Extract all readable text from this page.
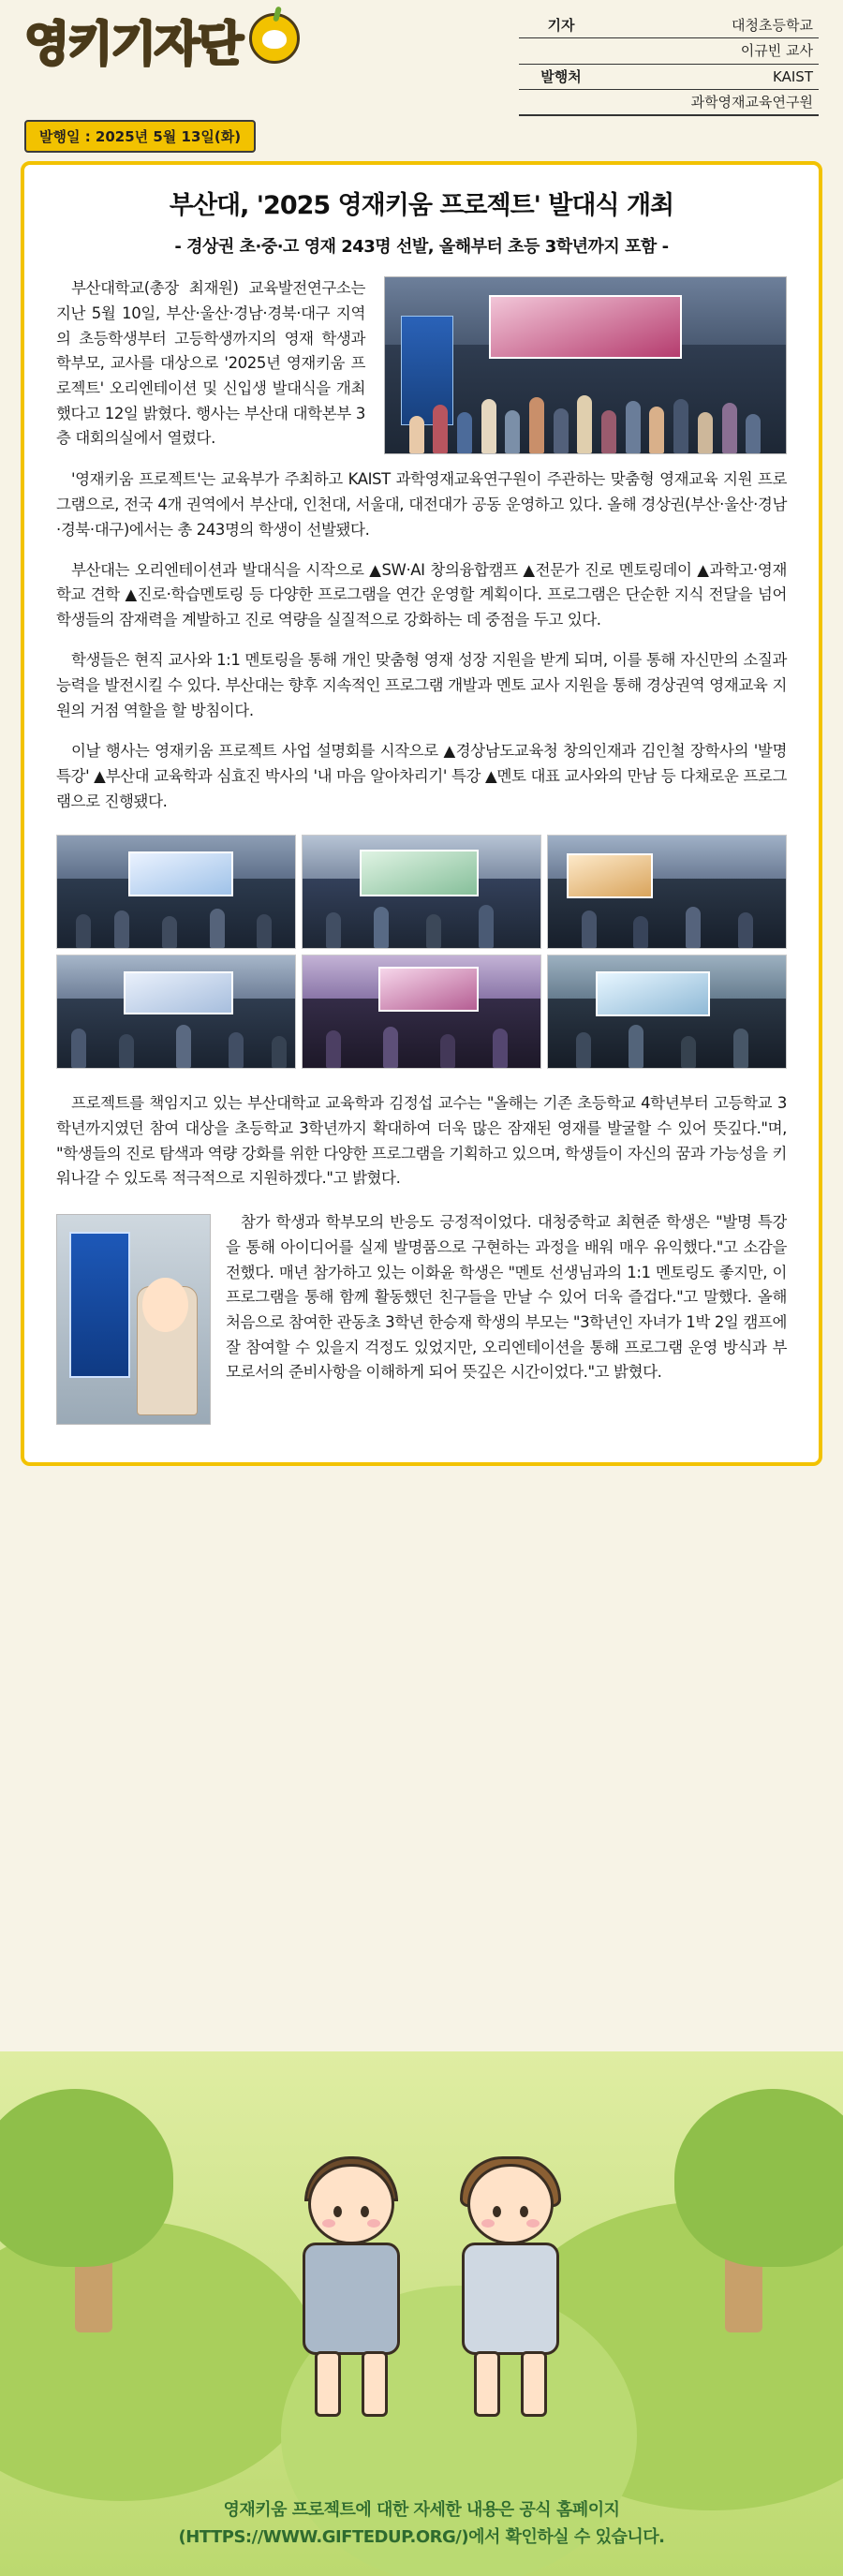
영키기자단	기자	대청초등학교
	이규빈 교사
발행처	KAIST
	과학영재교육연구원
발행일 : 2025년 5월 13일(화)
부산대, '2025 영재키움 프로젝트' 발대식 개최
- 경상권 초·중·고 영재 243명 선발, 올해부터 초등 3학년까지 포함 -
부산대학교(총장 최재원) 교육발전연구소는 지난 5월 10일, 부산·울산·경남·경북·대구 지역의 초등학생부터 고등학생까지의 영재 학생과 학부모, 교사를 대상으로 '2025년 영재키움 프로젝트' 오리엔테이션 및 신입생 발대식을 개최했다고 12일 밝혔다. 행사는 부산대 대학본부 3층 대회의실에서 열렸다.

'영재키움 프로젝트'는 교육부가 주최하고 KAIST 과학영재교육연구원이 주관하는 맞춤형 영재교육 지원 프로그램으로, 전국 4개 권역에서 부산대, 인천대, 서울대, 대전대가 공동 운영하고 있다. 올해 경상권(부산·울산·경남·경북·대구)에서는 총 243명의 학생이 선발됐다.

부산대는 오리엔테이션과 발대식을 시작으로 ▲SW·AI 창의융합캠프 ▲전문가 진로 멘토링데이 ▲과학고·영재학교 견학 ▲진로·학습멘토링 등 다양한 프로그램을 연간 운영할 계획이다. 프로그램은 단순한 지식 전달을 넘어 학생들의 잠재력을 계발하고 진로 역량을 실질적으로 강화하는 데 중점을 두고 있다.

학생들은 현직 교사와 1:1 멘토링을 통해 개인 맞춤형 영재 성장 지원을 받게 되며, 이를 통해 자신만의 소질과 능력을 발전시킬 수 있다. 부산대는 향후 지속적인 프로그램 개발과 멘토 교사 지원을 통해 경상권역 영재교육 지원의 거점 역할을 할 방침이다.

이날 행사는 영재키움 프로젝트 사업 설명회를 시작으로 ▲경상남도교육청 창의인재과 김인철 장학사의 '발명 특강' ▲부산대 교육학과 심효진 박사의 '내 마음 알아차리기' 특강 ▲멘토 대표 교사와의 만남 등 다채로운 프로그램으로 진행됐다.

프로젝트를 책임지고 있는 부산대학교 교육학과 김정섭 교수는 "올해는 기존 초등학교 4학년부터 고등학교 3학년까지였던 참여 대상을 초등학교 3학년까지 확대하여 더욱 많은 잠재된 영재를 발굴할 수 있어 뜻깊다."며, "학생들의 진로 탐색과 역량 강화를 위한 다양한 프로그램을 기획하고 있으며, 학생들이 자신의 꿈과 가능성을 키워나갈 수 있도록 적극적으로 지원하겠다."고 밝혔다.

참가 학생과 학부모의 반응도 긍정적이었다. 대청중학교 최현준 학생은 "발명 특강을 통해 아이디어를 실제 발명품으로 구현하는 과정을 배워 매우 유익했다."고 소감을 전했다. 매년 참가하고 있는 이화윤 학생은 "멘토 선생님과의 1:1 멘토링도 좋지만, 이 프로그램을 통해 함께 활동했던 친구들을 만날 수 있어 더욱 즐겁다."고 말했다. 올해 처음으로 참여한 관동초 3학년 한승재 학생의 부모는 "3학년인 자녀가 1박 2일 캠프에 잘 참여할 수 있을지 걱정도 있었지만, 오리엔테이션을 통해 프로그램 운영 방식과 부모로서의 준비사항을 이해하게 되어 뜻깊은 시간이었다."고 밝혔다.

영재키움 프로젝트에 대한 자세한 내용은 공식 홈페이지
(HTTPS://WWW.GIFTEDUP.ORG/)에서 확인하실 수 있습니다.
